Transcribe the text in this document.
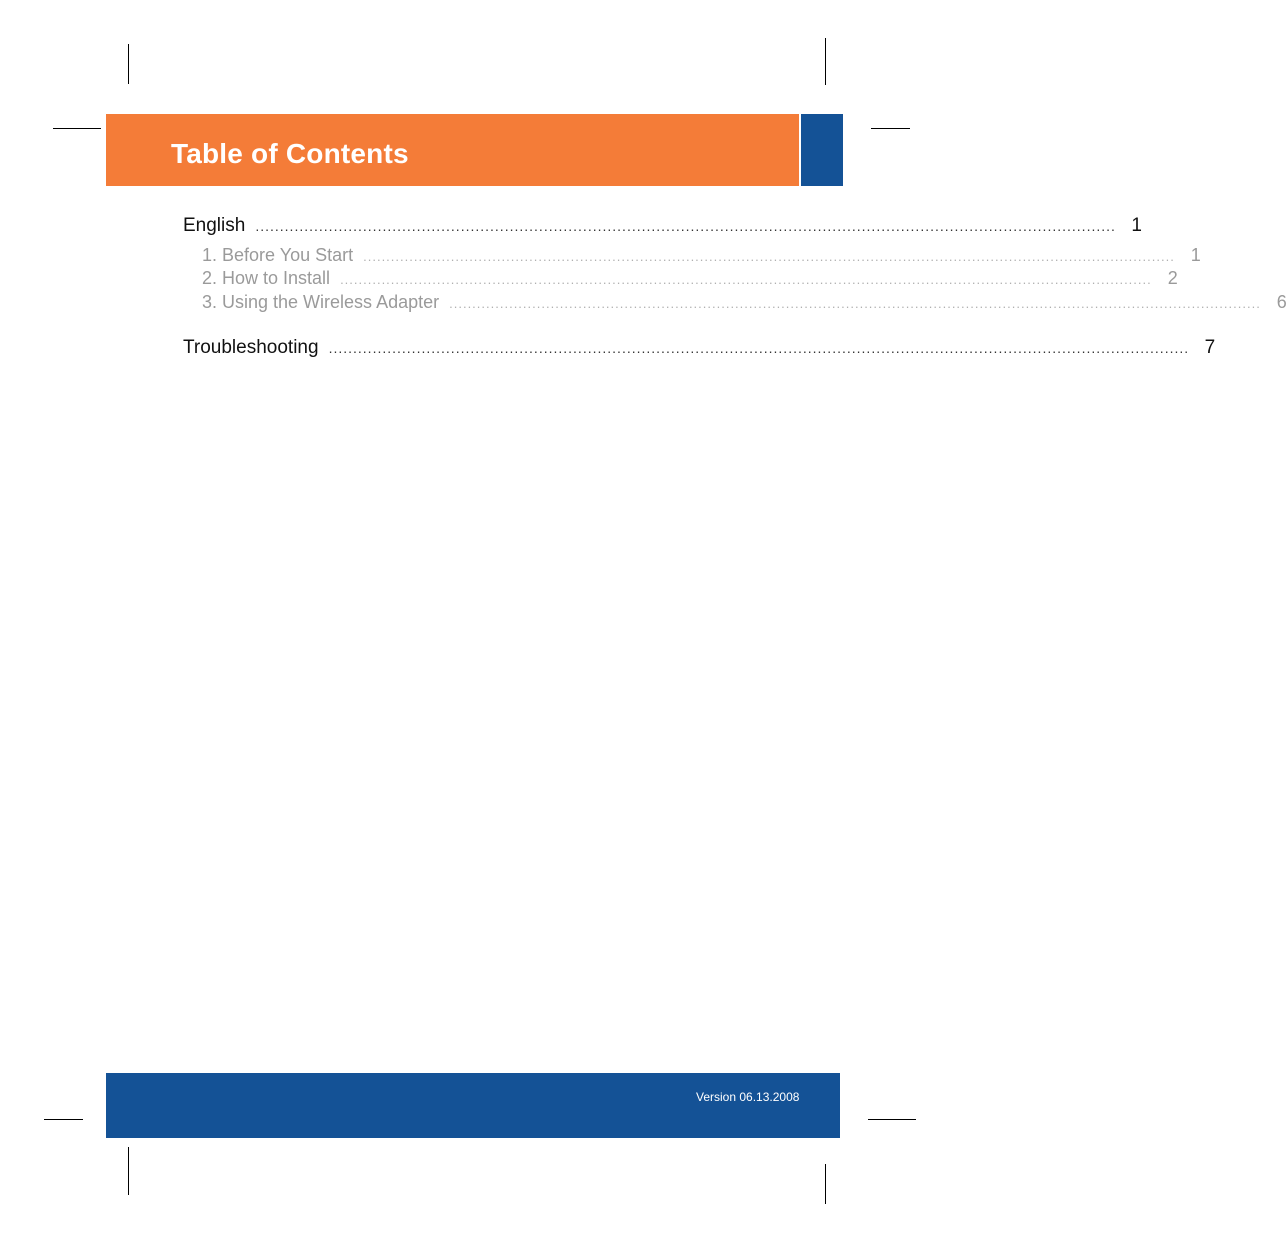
Table of Contents
English ................................................................................................................................................................................ 1
1. Before You Start ................................................................................................................................................................................ 1
2. How to Install ................................................................................................................................................................................ 2
3. Using the Wireless Adapter ................................................................................................................................................................................ 6
Troubleshooting ................................................................................................................................................................................ 7
Version 06.13.2008
